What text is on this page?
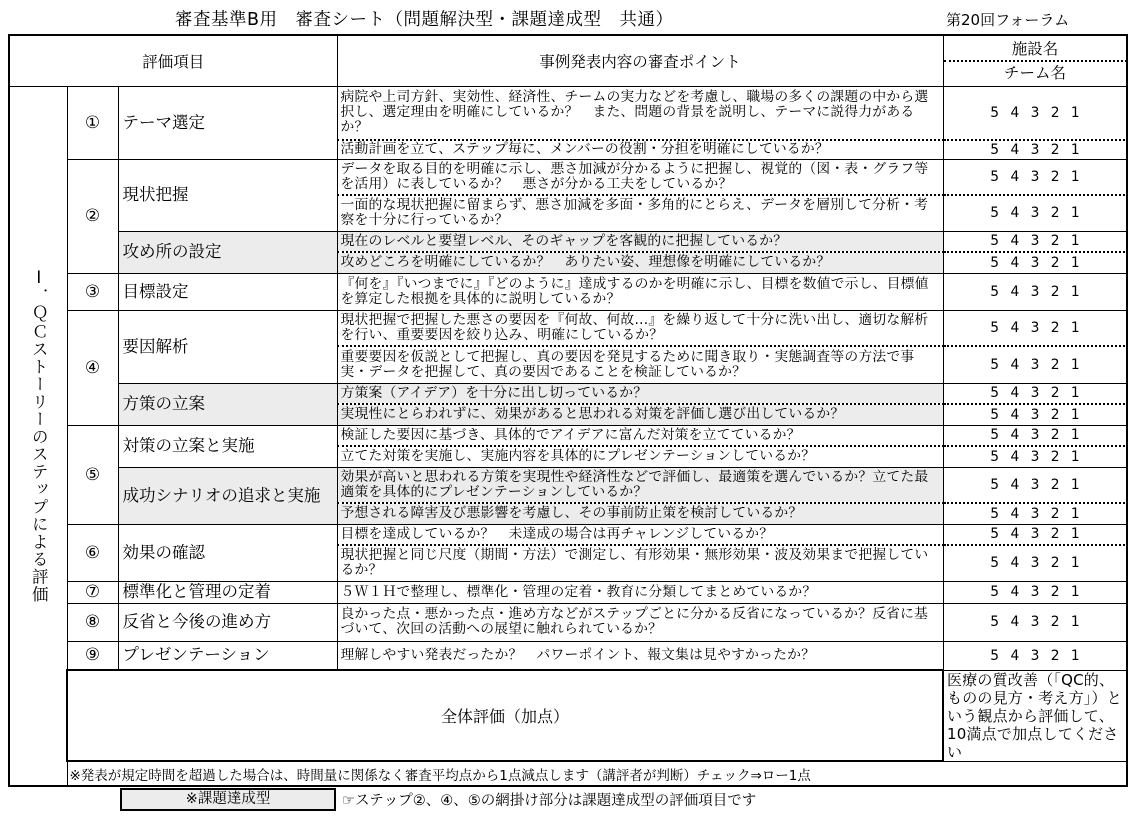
審査基準B用　審査シート（問題解決型・課題達成型　共通）	第20回フォーラム
評価項目			事例発表内容の審査ポイント	施設名
チーム名	

Ⅰ．ＱＣストーリーのステップによる評価	①	テーマ選定	病院や上司方針、実効性、経済性、チームの実力などを考慮し、職場の多くの課題の中から選択し、選定理由を明確にしているか？　また、問題の背景を説明し、テーマに説得力があるか？	5 4 3 2 1	
			活動計画を立て、ステップ毎に、メンバーの役割・分担を明確にしているか？	5 4 3 2 1	
	②	現状把握	データを取る目的を明確に示し、悪さ加減が分かるように把握し、視覚的（図・表・グラフ等を活用）に表しているか？　悪さが分かる工夫をしているか？	5 4 3 2 1	
			一面的な現状把握に留まらず、悪さ加減を多面・多角的にとらえ、データを層別して分析・考察を十分に行っているか？	5 4 3 2 1	
		攻め所の設定	現在のレベルと要望レベル、そのギャップを客観的に把握しているか？	5 4 3 2 1	
			攻めどころを明確にしているか？　ありたい姿、理想像を明確にしているか？	5 4 3 2 1	
	③	目標設定	『何を』『いつまでに』『どのように』達成するのかを明確に示し、目標を数値で示し、目標値を算定した根拠を具体的に説明しているか？	5 4 3 2 1	
	④	要因解析	現状把握で把握した悪さの要因を『何故、何故…』を繰り返して十分に洗い出し、適切な解析を行い、重要要因を絞り込み、明確にしているか？	5 4 3 2 1	
			重要要因を仮説として把握し、真の要因を発見するために聞き取り・実態調査等の方法で事実・データを把握して、真の要因であることを検証しているか？	5 4 3 2 1	
		方策の立案	方策案（アイデア）を十分に出し切っているか？	5 4 3 2 1	
			実現性にとらわれずに、効果があると思われる対策を評価し選び出しているか？	5 4 3 2 1	
	⑤	対策の立案と実施	検証した要因に基づき、具体的でアイデアに富んだ対策を立てているか？	5 4 3 2 1	
			立てた対策を実施し、実施内容を具体的にプレゼンテーションしているか？	5 4 3 2 1	
		成功シナリオの追求と実施	効果が高いと思われる方策を実現性や経済性などで評価し、最適策を選んでいるか？立てた最適策を具体的にプレゼンテーションしているか？	5 4 3 2 1	
			予想される障害及び悪影響を考慮し、その事前防止策を検討しているか？	5 4 3 2 1	
	⑥	効果の確認	目標を達成しているか？　未達成の場合は再チャレンジしているか？	5 4 3 2 1	
			現状把握と同じ尺度（期間・方法）で測定し、有形効果・無形効果・波及効果まで把握しているか？	5 4 3 2 1	
	⑦	標準化と管理の定着	５Ｗ１Ｈで整理し、標準化・管理の定着・教育に分類してまとめているか？	5 4 3 2 1	
	⑧	反省と今後の進め方	良かった点・悪かった点・進め方などがステップごとに分かる反省になっているか？反省に基づいて、次回の活動への展望に触れられているか？	5 4 3 2 1	
	⑨	プレゼンテーション	理解しやすい発表だったか？　パワーポイント、報文集は見やすかったか？	5 4 3 2 1	
	全体評価（加点）			医療の質改善（「QC的、ものの見方・考え方」）という観点から評価して、10満点で加点してください	

	※発表が規定時間を超過した場合は、時間量に関係なく審査平均点から1点減点します（講評者が判断）チェック⇒ロー1点	
※課題達成型	☞ステップ②、④、⑤の網掛け部分は課題達成型の評価項目です
